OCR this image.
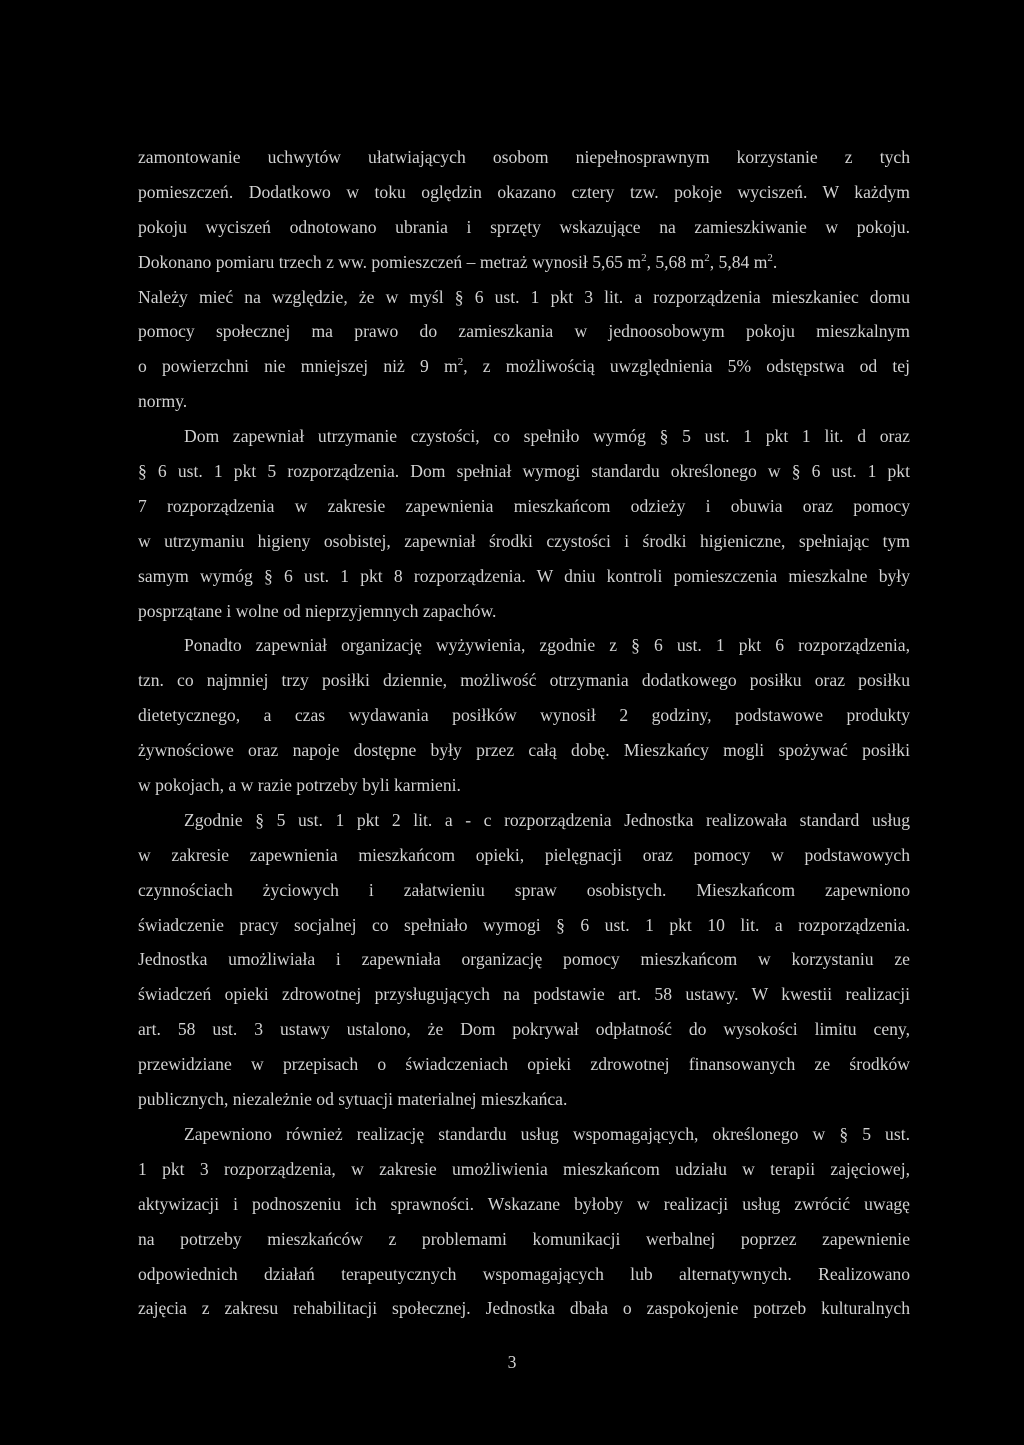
zamontowanie uchwytów ułatwiających osobom niepełnosprawnym korzystanie z tych
pomieszczeń. Dodatkowo w toku oględzin okazano cztery tzw. pokoje wyciszeń. W każdym
pokoju wyciszeń odnotowano ubrania i sprzęty wskazujące na zamieszkiwanie w pokoju.
Dokonano pomiaru trzech z ww. pomieszczeń – metraż wynosił 5,65 $m^2$, 5,68 $m^2$, 5,84 $m^2$.
Należy mieć na względzie, że w myśl § 6 ust. 1 pkt 3 lit. a rozporządzenia mieszkaniec domu
pomocy społecznej ma prawo do zamieszkania w jednoosobowym pokoju mieszkalnym
o powierzchni nie mniejszej niż 9 $m^2$, z możliwością uwzględnienia 5% odstępstwa od tej
normy.
Dom zapewniał utrzymanie czystości, co spełniło wymóg § 5 ust. 1 pkt 1 lit. d oraz
§ 6 ust. 1 pkt 5 rozporządzenia. Dom spełniał wymogi standardu określonego w § 6 ust. 1 pkt
7 rozporządzenia w zakresie zapewnienia mieszkańcom odzieży i obuwia oraz pomocy
w utrzymaniu higieny osobistej, zapewniał środki czystości i środki higieniczne, spełniając tym
samym wymóg § 6 ust. 1 pkt 8 rozporządzenia. W dniu kontroli pomieszczenia mieszkalne były
posprzątane i wolne od nieprzyjemnych zapachów.
Ponadto zapewniał organizację wyżywienia, zgodnie z § 6 ust. 1 pkt 6 rozporządzenia,
tzn. co najmniej trzy posiłki dziennie, możliwość otrzymania dodatkowego posiłku oraz posiłku
dietetycznego, a czas wydawania posiłków wynosił 2 godziny, podstawowe produkty
żywnościowe oraz napoje dostępne były przez całą dobę. Mieszkańcy mogli spożywać posiłki
w pokojach, a w razie potrzeby byli karmieni.
Zgodnie § 5 ust. 1 pkt 2 lit. a - c rozporządzenia Jednostka realizowała standard usług
w zakresie zapewnienia mieszkańcom opieki, pielęgnacji oraz pomocy w podstawowych
czynnościach życiowych i załatwieniu spraw osobistych. Mieszkańcom zapewniono
świadczenie pracy socjalnej co spełniało wymogi § 6 ust. 1 pkt 10 lit. a rozporządzenia.
Jednostka umożliwiała i zapewniała organizację pomocy mieszkańcom w korzystaniu ze
świadczeń opieki zdrowotnej przysługujących na podstawie art. 58 ustawy. W kwestii realizacji
art. 58 ust. 3 ustawy ustalono, że Dom pokrywał odpłatność do wysokości limitu ceny,
przewidziane w przepisach o świadczeniach opieki zdrowotnej finansowanych ze środków
publicznych, niezależnie od sytuacji materialnej mieszkańca.
Zapewniono również realizację standardu usług wspomagających, określonego w § 5 ust.
1 pkt 3 rozporządzenia, w zakresie umożliwienia mieszkańcom udziału w terapii zajęciowej,
aktywizacji i podnoszeniu ich sprawności. Wskazane byłoby w realizacji usług zwrócić uwagę
na potrzeby mieszkańców z problemami komunikacji werbalnej poprzez zapewnienie
odpowiednich działań terapeutycznych wspomagających lub alternatywnych. Realizowano
zajęcia z zakresu rehabilitacji społecznej. Jednostka dbała o zaspokojenie potrzeb kulturalnych
3
